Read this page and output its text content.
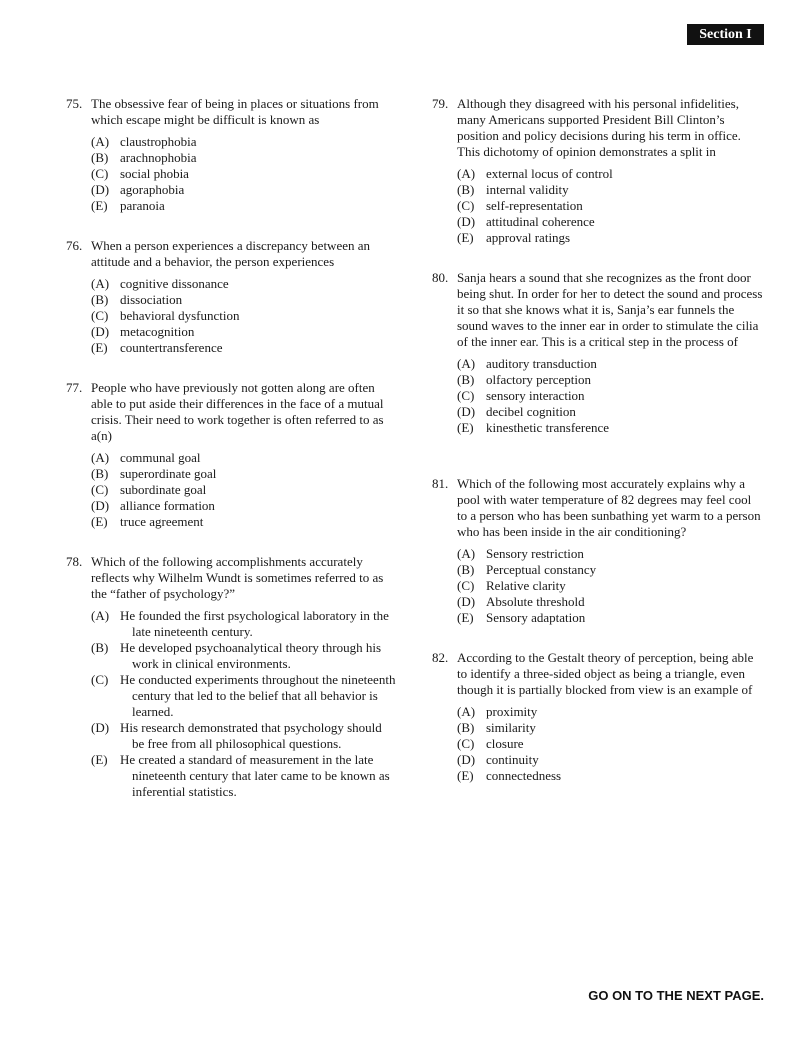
Section I
75. The obsessive fear of being in places or situations from which escape might be difficult is known as
(A) claustrophobia
(B) arachnophobia
(C) social phobia
(D) agoraphobia
(E) paranoia
76. When a person experiences a discrepancy between an attitude and a behavior, the person experiences
(A) cognitive dissonance
(B) dissociation
(C) behavioral dysfunction
(D) metacognition
(E) countertransference
77. People who have previously not gotten along are often able to put aside their differences in the face of a mutual crisis. Their need to work together is often referred to as a(n)
(A) communal goal
(B) superordinate goal
(C) subordinate goal
(D) alliance formation
(E) truce agreement
78. Which of the following accomplishments accurately reflects why Wilhelm Wundt is sometimes referred to as the “father of psychology?”
(A) He founded the first psychological laboratory in the late nineteenth century.
(B) He developed psychoanalytical theory through his work in clinical environments.
(C) He conducted experiments throughout the nineteenth century that led to the belief that all behavior is learned.
(D) His research demonstrated that psychology should be free from all philosophical questions.
(E) He created a standard of measurement in the late nineteenth century that later came to be known as inferential statistics.
79. Although they disagreed with his personal infidelities, many Americans supported President Bill Clinton’s position and policy decisions during his term in office. This dichotomy of opinion demonstrates a split in
(A) external locus of control
(B) internal validity
(C) self-representation
(D) attitudinal coherence
(E) approval ratings
80. Sanja hears a sound that she recognizes as the front door being shut. In order for her to detect the sound and process it so that she knows what it is, Sanja’s ear funnels the sound waves to the inner ear in order to stimulate the cilia of the inner ear. This is a critical step in the process of
(A) auditory transduction
(B) olfactory perception
(C) sensory interaction
(D) decibel cognition
(E) kinesthetic transference
81. Which of the following most accurately explains why a pool with water temperature of 82 degrees may feel cool to a person who has been sunbathing yet warm to a person who has been inside in the air conditioning?
(A) Sensory restriction
(B) Perceptual constancy
(C) Relative clarity
(D) Absolute threshold
(E) Sensory adaptation
82. According to the Gestalt theory of perception, being able to identify a three-sided object as being a triangle, even though it is partially blocked from view is an example of
(A) proximity
(B) similarity
(C) closure
(D) continuity
(E) connectedness
GO ON TO THE NEXT PAGE.
